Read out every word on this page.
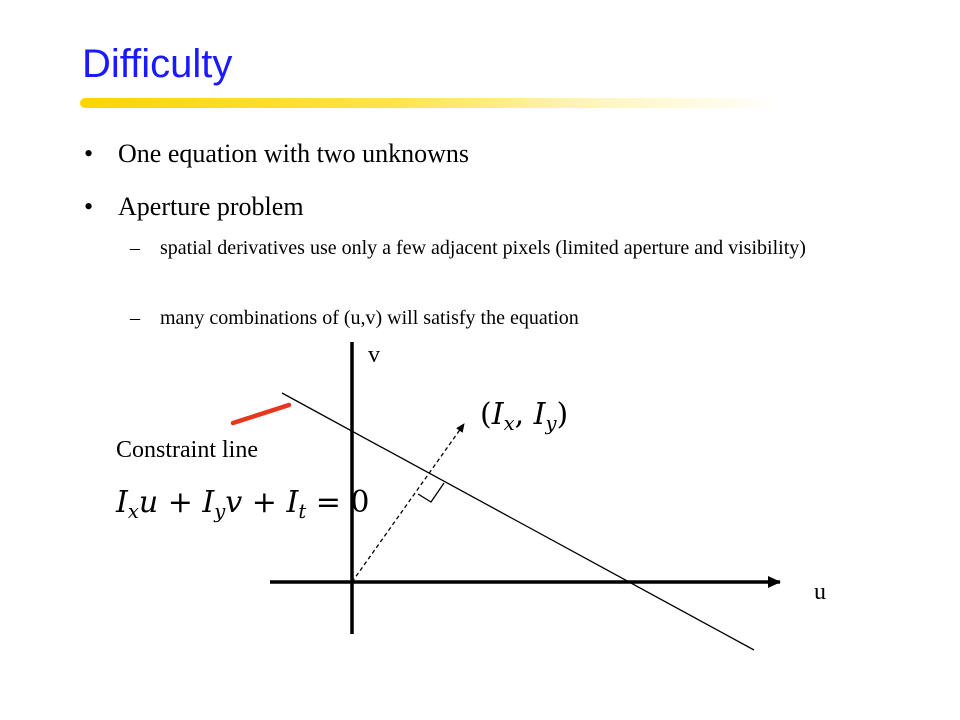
Difficulty
• One equation with two unknowns
• Aperture problem
– spatial derivatives use only a few adjacent pixels (limited aperture and visibility)
– many combinations of (u,v) will satisfy the equation
v
u
Constraint line
($I_x$, $I_y$)
$I_xu + I_yv + I_t = 0$
